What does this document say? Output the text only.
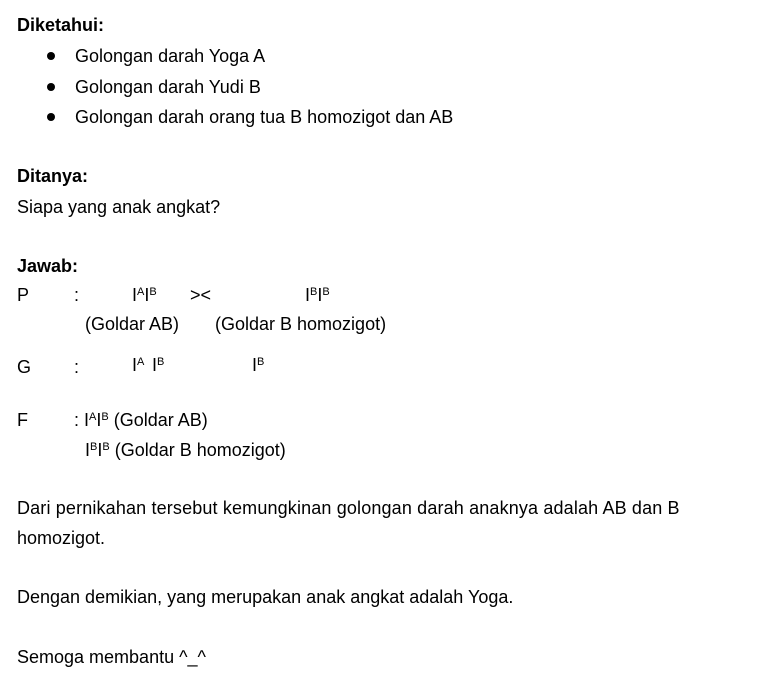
Diketahui:
Golongan darah Yoga A
Golongan darah Yudi B
Golongan darah orang tua B homozigot dan AB
Ditanya:
Siapa yang anak angkat?
Jawab:
P :	$I^AI^B$ ><	$I^BI^B$
(Goldar AB) (Goldar B homozigot)
G :	$I^A$ $I^B$	$I^B$
F	: $I^AI^B$ (Goldar AB)
$I^BI^B$ (Goldar B homozigot)
Dari pernikahan tersebut kemungkinan golongan darah anaknya adalah AB dan B
homozigot.
Dengan demikian, yang merupakan anak angkat adalah Yoga.
Semoga membantu ^_^
